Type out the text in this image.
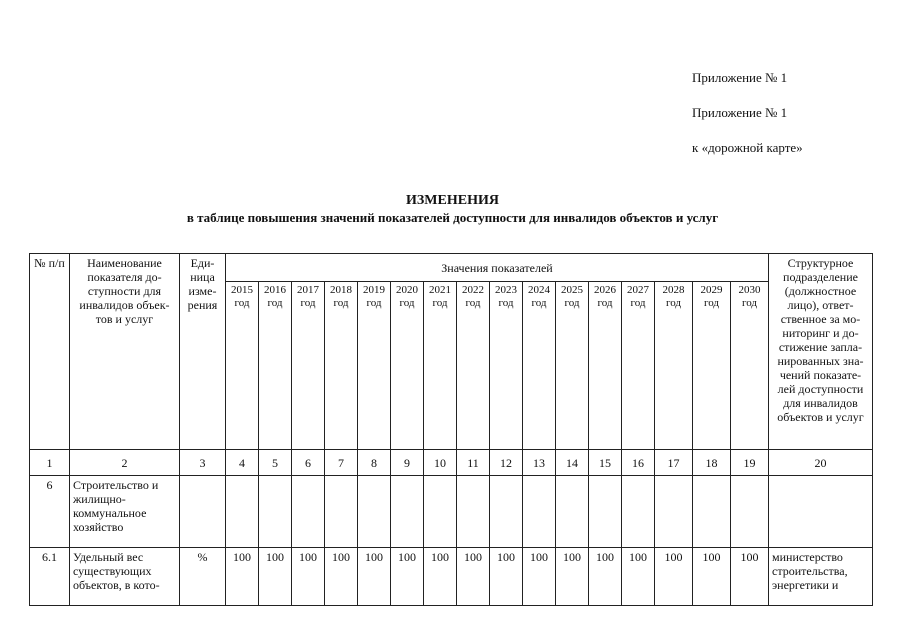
Приложение № 1
Приложение № 1
к «дорожной карте»
ИЗМЕНЕНИЯ
в таблице повышения значений показателей доступности для инвалидов объектов и услуг
№ п/п	Наименование показателя до-ступности для инвалидов объек-тов и услуг	Еди-ница изме-рения	Значения показателей																Структурное подразделение (должностное лицо), ответ-ственное за мо-ниторинг и до-стижение запла-нированных зна-чений показате-лей доступности для инвалидов объектов и услуг
			2015 год	2016 год	2017 год	2018 год	2019 год	2020 год	2021 год	2022 год	2023 год	2024 год	2025 год	2026 год	2027 год	2028 год	2029 год	2030 год	
1	2	3	4	5	6	7	8	9	10	11	12	13	14	15	16	17	18	19	20
6	Строительство и жилищно-коммунальное хозяйство																		
6.1	Удельный вес существующих объектов, в кото-	%	100	100	100	100	100	100	100	100	100	100	100	100	100	100	100	100	министерство строительства, энергетики и
